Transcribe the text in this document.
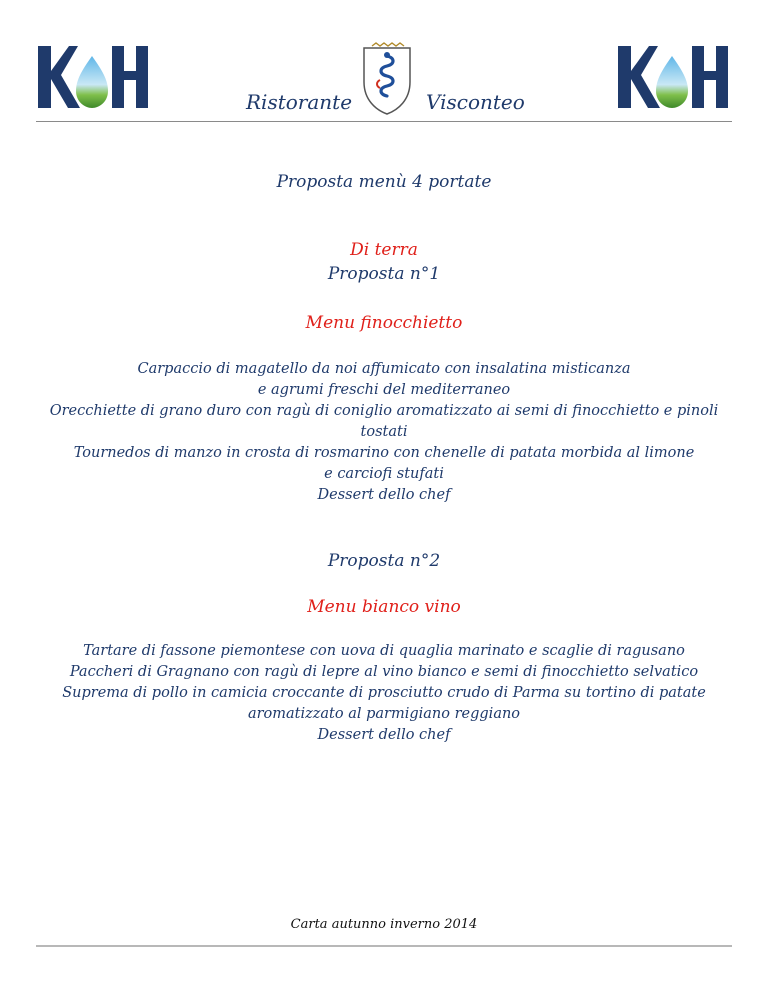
Ristorante	Visconteo
Proposta menù 4 portate
Di terra
Proposta n°1
Menu finocchietto
Carpaccio di magatello da noi affumicato con insalatina misticanza
e agrumi freschi del mediterraneo
Orecchiette di grano duro con ragù di coniglio aromatizzato ai semi di finocchietto e pinoli
tostati
Tournedos di manzo in crosta di rosmarino con chenelle di patata morbida al limone
e carciofi stufati
Dessert dello chef
Proposta n°2
Menu bianco vino
Tartare di fassone piemontese con uova di quaglia marinato e scaglie di ragusano
Paccheri di Gragnano con ragù di lepre al vino bianco e semi di finocchietto selvatico
Suprema di pollo in camicia croccante di prosciutto crudo di Parma su tortino di patate
aromatizzato al parmigiano reggiano
Dessert dello chef
Carta autunno inverno 2014
